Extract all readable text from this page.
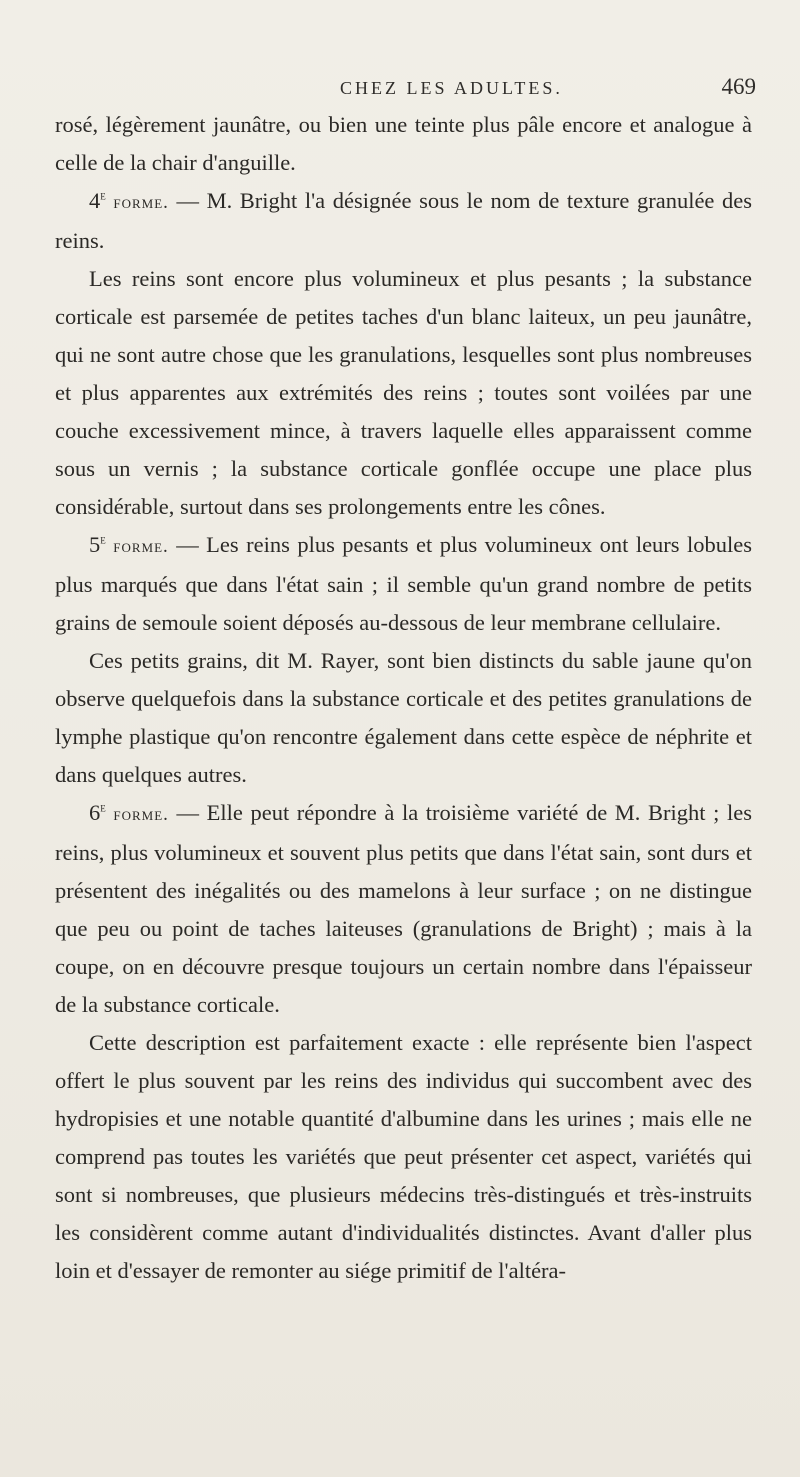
CHEZ LES ADULTES.	469

rosé, légèrement jaunâtre, ou bien une teinte plus pâle encore et analogue à celle de la chair d'anguille.

4e forme. — M. Bright l'a désignée sous le nom de texture granulée des reins.

Les reins sont encore plus volumineux et plus pesants ; la substance corticale est parsemée de petites taches d'un blanc laiteux, un peu jaunâtre, qui ne sont autre chose que les granulations, lesquelles sont plus nombreuses et plus apparentes aux extrémités des reins ; toutes sont voilées par une couche excessivement mince, à travers laquelle elles apparaissent comme sous un vernis ; la substance corticale gonflée occupe une place plus considérable, surtout dans ses prolongements entre les cônes.

5e forme. — Les reins plus pesants et plus volumineux ont leurs lobules plus marqués que dans l'état sain ; il semble qu'un grand nombre de petits grains de semoule soient déposés au-dessous de leur membrane cellulaire.

Ces petits grains, dit M. Rayer, sont bien distincts du sable jaune qu'on observe quelquefois dans la substance corticale et des petites granulations de lymphe plastique qu'on rencontre également dans cette espèce de néphrite et dans quelques autres.

6e forme. — Elle peut répondre à la troisième variété de M. Bright ; les reins, plus volumineux et souvent plus petits que dans l'état sain, sont durs et présentent des inégalités ou des mamelons à leur surface ; on ne distingue que peu ou point de taches laiteuses (granulations de Bright) ; mais à la coupe, on en découvre presque toujours un certain nombre dans l'épaisseur de la substance corticale.

Cette description est parfaitement exacte : elle représente bien l'aspect offert le plus souvent par les reins des individus qui succombent avec des hydropisies et une notable quantité d'albumine dans les urines ; mais elle ne comprend pas toutes les variétés que peut présenter cet aspect, variétés qui sont si nombreuses, que plusieurs médecins très-distingués et très-instruits les considèrent comme autant d'individualités distinctes. Avant d'aller plus loin et d'essayer de remonter au siége primitif de l'altéra-
